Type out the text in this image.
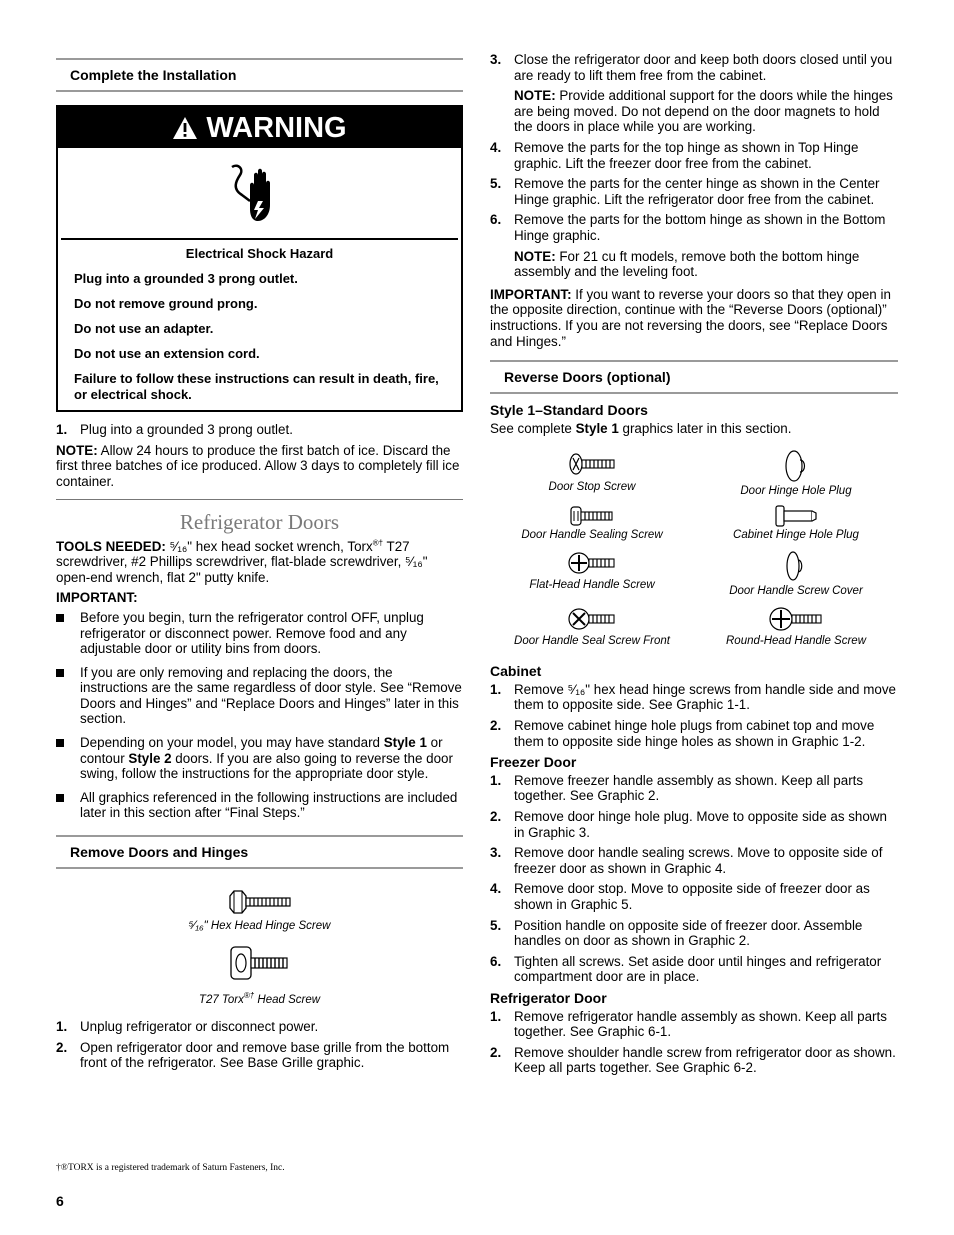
Complete the Installation
WARNING
Electrical Shock Hazard
Plug into a grounded 3 prong outlet.
Do not remove ground prong.
Do not use an adapter.
Do not use an extension cord.
Failure to follow these instructions can result in death, fire, or electrical shock.
1. Plug into a grounded 3 prong outlet.
NOTE: Allow 24 hours to produce the first batch of ice. Discard the first three batches of ice produced. Allow 3 days to completely fill ice container.
Refrigerator Doors
TOOLS NEEDED: ⁵⁄₁₆" hex head socket wrench, Torx®† T27 screwdriver, #2 Phillips screwdriver, flat-blade screwdriver, ⁵⁄₁₆" open-end wrench, flat 2" putty knife.
IMPORTANT:
Before you begin, turn the refrigerator control OFF, unplug refrigerator or disconnect power. Remove food and any adjustable door or utility bins from doors.
If you are only removing and replacing the doors, the instructions are the same regardless of door style. See “Remove Doors and Hinges” and “Replace Doors and Hinges” later in this section.
Depending on your model, you may have standard Style 1 or contour Style 2 doors. If you are also going to reverse the door swing, follow the instructions for the appropriate door style.
All graphics referenced in the following instructions are included later in this section after “Final Steps.”
Remove Doors and Hinges
⁵⁄₁₆" Hex Head Hinge Screw
T27 Torx®† Head Screw
1. Unplug refrigerator or disconnect power.
2. Open refrigerator door and remove base grille from the bottom front of the refrigerator. See Base Grille graphic.
3. Close the refrigerator door and keep both doors closed until you are ready to lift them free from the cabinet.
NOTE: Provide additional support for the doors while the hinges are being moved. Do not depend on the door magnets to hold the doors in place while you are working.
4. Remove the parts for the top hinge as shown in Top Hinge graphic. Lift the freezer door free from the cabinet.
5. Remove the parts for the center hinge as shown in the Center Hinge graphic. Lift the refrigerator door free from the cabinet.
6. Remove the parts for the bottom hinge as shown in the Bottom Hinge graphic.
NOTE: For 21 cu ft models, remove both the bottom hinge assembly and the leveling foot.
IMPORTANT: If you want to reverse your doors so that they open in the opposite direction, continue with the “Reverse Doors (optional)” instructions. If you are not reversing the doors, see “Replace Doors and Hinges.”
Reverse Doors (optional)
Style 1–Standard Doors
See complete Style 1 graphics later in this section.
Door Stop Screw	Door Hinge Hole Plug
Door Handle Sealing Screw	Cabinet Hinge Hole Plug
Flat-Head Handle Screw	Door Handle Screw Cover
Door Handle Seal Screw Front	Round-Head Handle Screw
Cabinet
1. Remove ⁵⁄₁₆" hex head hinge screws from handle side and move them to opposite side. See Graphic 1-1.
2. Remove cabinet hinge hole plugs from cabinet top and move them to opposite side hinge holes as shown in Graphic 1-2.
Freezer Door
1. Remove freezer handle assembly as shown. Keep all parts together. See Graphic 2.
2. Remove door hinge hole plug. Move to opposite side as shown in Graphic 3.
3. Remove door handle sealing screws. Move to opposite side of freezer door as shown in Graphic 4.
4. Remove door stop. Move to opposite side of freezer door as shown in Graphic 5.
5. Position handle on opposite side of freezer door. Assemble handles on door as shown in Graphic 2.
6. Tighten all screws. Set aside door until hinges and refrigerator compartment door are in place.
Refrigerator Door
1. Remove refrigerator handle assembly as shown. Keep all parts together. See Graphic 6-1.
2. Remove shoulder handle screw from refrigerator door as shown. Keep all parts together. See Graphic 6-2.
†®TORX is a registered trademark of Saturn Fasteners, Inc.
6
